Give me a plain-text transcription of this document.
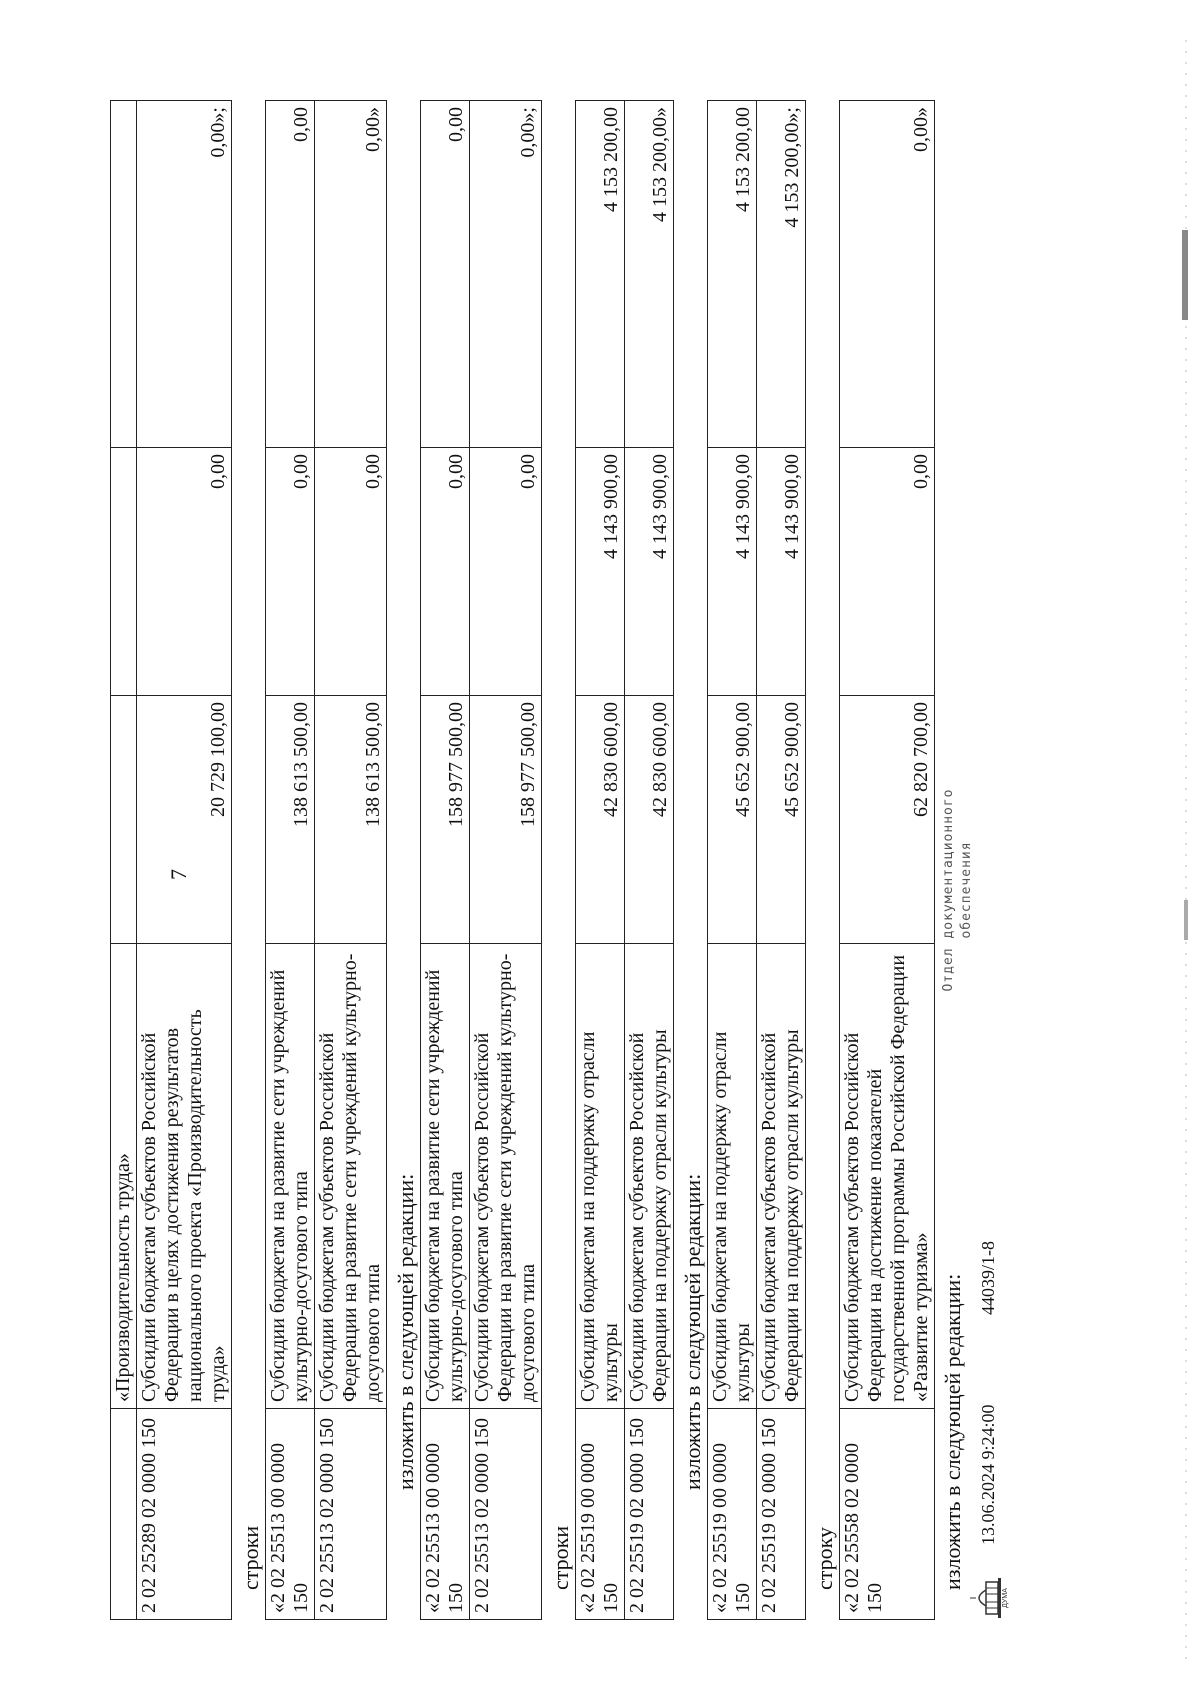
7
	«Производительность труда»			
2 02 25289 02 0000 150	Субсидии бюджетам субъектов Российской Федерации в целях достижения результатов национального проекта «Производительность труда»	20 729 100,00	0,00	0,00»;
строки «2 02 25513 00 0000 150	Субсидии бюджетам на развитие сети учреждений культурно-досугового типа	138 613 500,00	0,00	0,00
2 02 25513 02 0000 150	Субсидии бюджетам субъектов Российской Федерации на развитие сети учреждений культурно-досугового типа	138 613 500,00	0,00	0,00»
изложить в следующей редакции:
«2 02 25513 00 0000 150	Субсидии бюджетам на развитие сети учреждений культурно-досугового типа	158 977 500,00	0,00	0,00
2 02 25513 02 0000 150	Субсидии бюджетам субъектов Российской Федерации на развитие сети учреждений культурно-досугового типа	158 977 500,00	0,00	0,00»;
строки «2 02 25519 00 0000 150	Субсидии бюджетам на поддержку отрасли культуры	42 830 600,00	4 143 900,00	4 153 200,00
2 02 25519 02 0000 150	Субсидии бюджетам субъектов Российской Федерации на поддержку отрасли культуры	42 830 600,00	4 143 900,00	4 153 200,00»
изложить в следующей редакции:
«2 02 25519 00 0000 150	Субсидии бюджетам на поддержку отрасли культуры	45 652 900,00	4 143 900,00	4 153 200,00
2 02 25519 02 0000 150	Субсидии бюджетам субъектов Российской Федерации на поддержку отрасли культуры	45 652 900,00	4 143 900,00	4 153 200,00»;
строку «2 02 25558 02 0000 150	Субсидии бюджетам субъектов Российской Федерации на достижение показателей государственной программы Российской Федерации «Развитие туризма»	62 820 700,00	0,00	0,00»
изложить в следующей редакции:
ДУМА
13.06.2024 9:24:00
44039/1-8
Отдел документационного обеспечения
